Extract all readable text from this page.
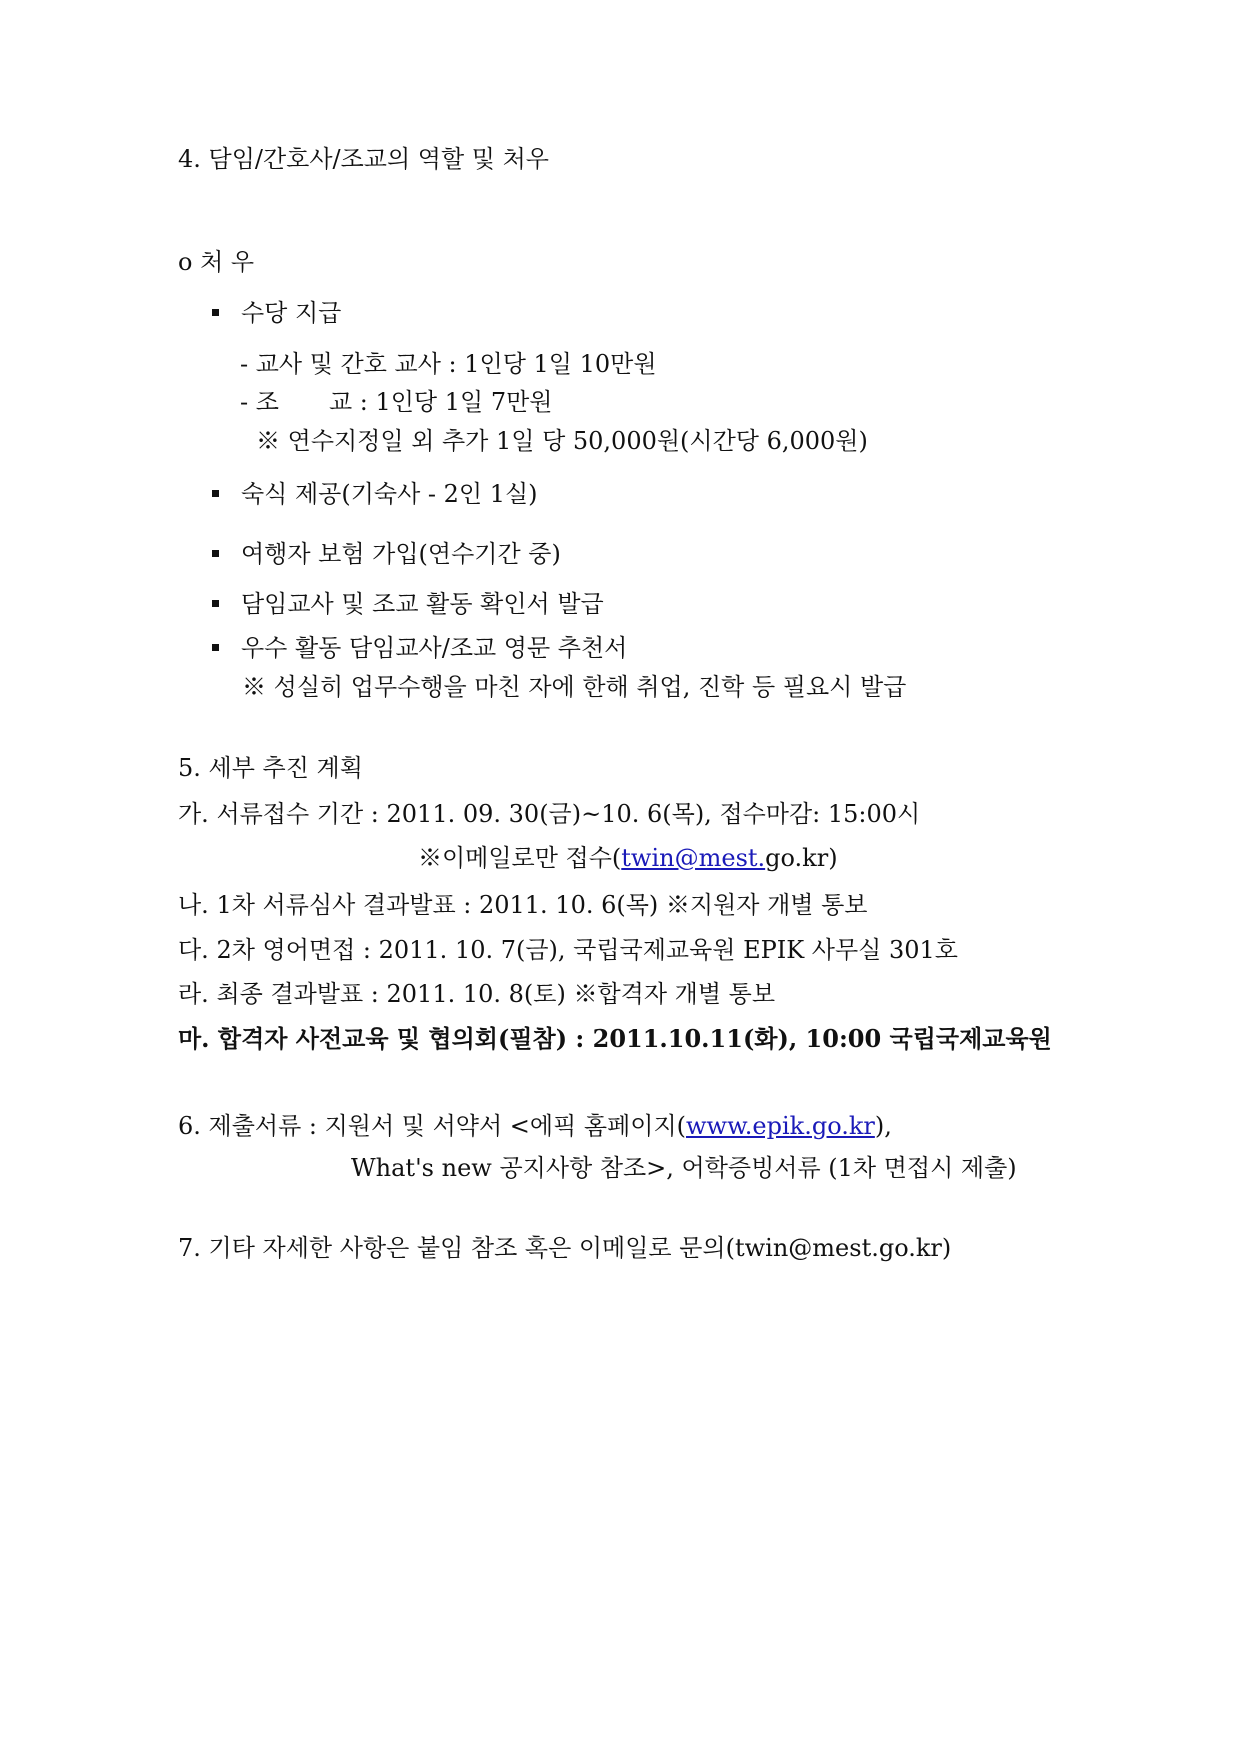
4. 담임/간호사/조교의 역할 및 처우
o 처 우
수당 지급
- 교사 및 간호 교사 : 1인당 1일 10만원
- 조 교 : 1인당 1일 7만원
※ 연수지정일 외 추가 1일 당 50,000원(시간당 6,000원)
숙식 제공(기숙사 - 2인 1실)
여행자 보험 가입(연수기간 중)
담임교사 및 조교 활동 확인서 발급
우수 활동 담임교사/조교 영문 추천서
※ 성실히 업무수행을 마친 자에 한해 취업, 진학 등 필요시 발급
5. 세부 추진 계획
가. 서류접수 기간 : 2011. 09. 30(금)~10. 6(목), 접수마감: 15:00시
※이메일로만 접수(twin@mest.go.kr)
나. 1차 서류심사 결과발표 : 2011. 10. 6(목) ※지원자 개별 통보
다. 2차 영어면접 : 2011. 10. 7(금), 국립국제교육원 EPIK 사무실 301호
라. 최종 결과발표 : 2011. 10. 8(토) ※합격자 개별 통보
마. 합격자 사전교육 및 협의회(필참) : 2011.10.11(화), 10:00 국립국제교육원
6. 제출서류 : 지원서 및 서약서 <에픽 홈페이지(www.epik.go.kr),
What's new 공지사항 참조>, 어학증빙서류 (1차 면접시 제출)
7. 기타 자세한 사항은 붙임 참조 혹은 이메일로 문의(twin@mest.go.kr)
